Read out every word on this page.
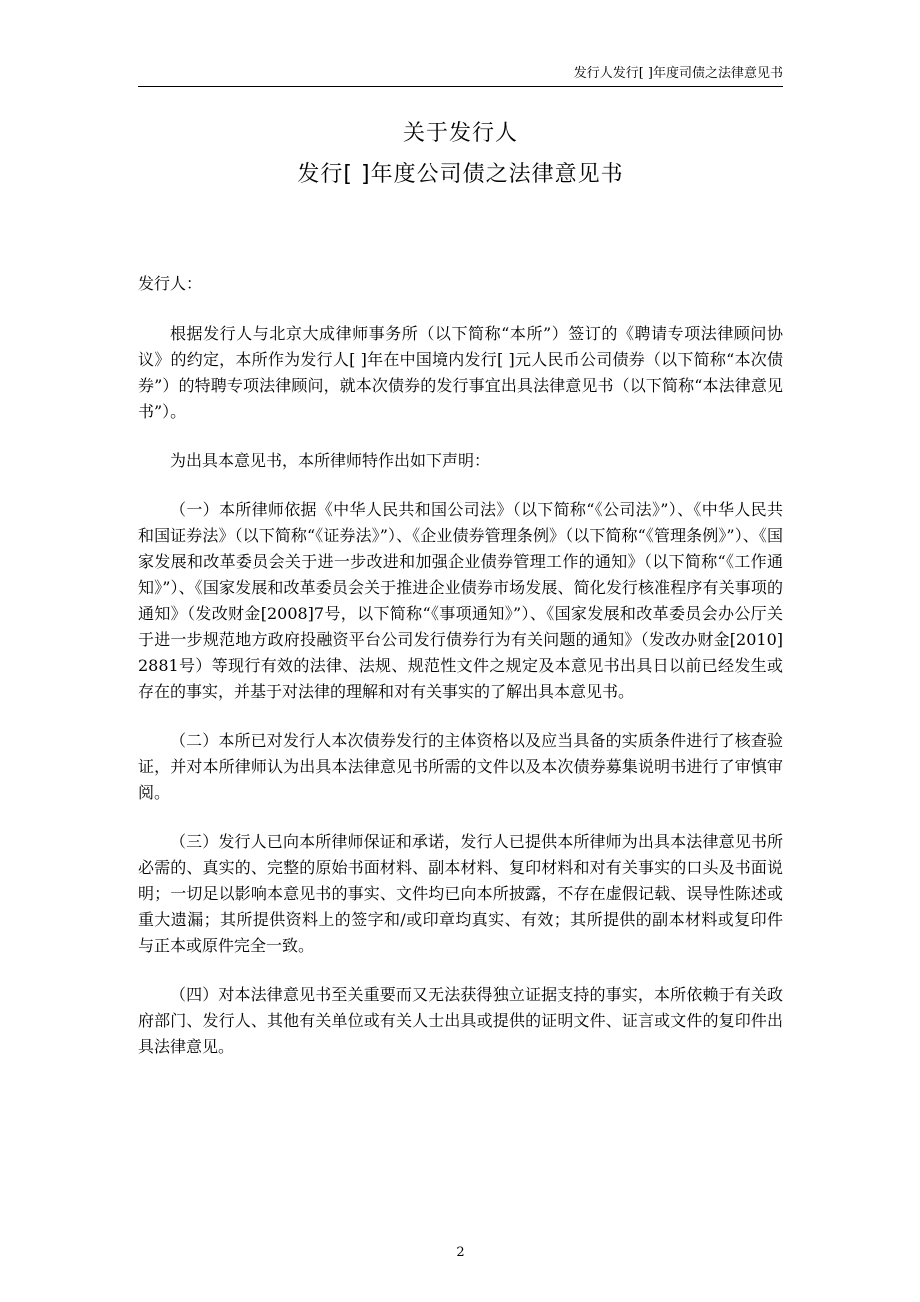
发行人发行[ ]年度司债之法律意见书
关于发行人
发行[ ]年度公司债之法律意见书

发行人：

根据发行人与北京大成律师事务所（以下简称“本所”）签订的《聘请专项法律顾问协议》的约定，本所作为发行人[ ]年在中国境内发行[ ]元人民币公司债券（以下简称“本次债券”）的特聘专项法律顾问，就本次债券的发行事宜出具法律意见书（以下简称“本法律意见书”）。

为出具本意见书，本所律师特作出如下声明：

（一）本所律师依据《中华人民共和国公司法》（以下简称“《公司法》”）、《中华人民共和国证券法》（以下简称“《证券法》”）、《企业债券管理条例》（以下简称“《管理条例》”）、《国家发展和改革委员会关于进一步改进和加强企业债券管理工作的通知》（以下简称“《工作通知》”）、《国家发展和改革委员会关于推进企业债券市场发展、简化发行核准程序有关事项的通知》（发改财金[2008]7号，以下简称“《事项通知》”）、《国家发展和改革委员会办公厅关于进一步规范地方政府投融资平台公司发行债券行为有关问题的通知》（发改办财金[2010]2881号）等现行有效的法律、法规、规范性文件之规定及本意见书出具日以前已经发生或存在的事实，并基于对法律的理解和对有关事实的了解出具本意见书。

（二）本所已对发行人本次债券发行的主体资格以及应当具备的实质条件进行了核查验证，并对本所律师认为出具本法律意见书所需的文件以及本次债券募集说明书进行了审慎审阅。

（三）发行人已向本所律师保证和承诺，发行人已提供本所律师为出具本法律意见书所必需的、真实的、完整的原始书面材料、副本材料、复印材料和对有关事实的口头及书面说明；一切足以影响本意见书的事实、文件均已向本所披露，不存在虚假记载、误导性陈述或重大遗漏；其所提供资料上的签字和/或印章均真实、有效；其所提供的副本材料或复印件与正本或原件完全一致。

（四）对本法律意见书至关重要而又无法获得独立证据支持的事实，本所依赖于有关政府部门、发行人、其他有关单位或有关人士出具或提供的证明文件、证言或文件的复印件出具法律意见。

2
